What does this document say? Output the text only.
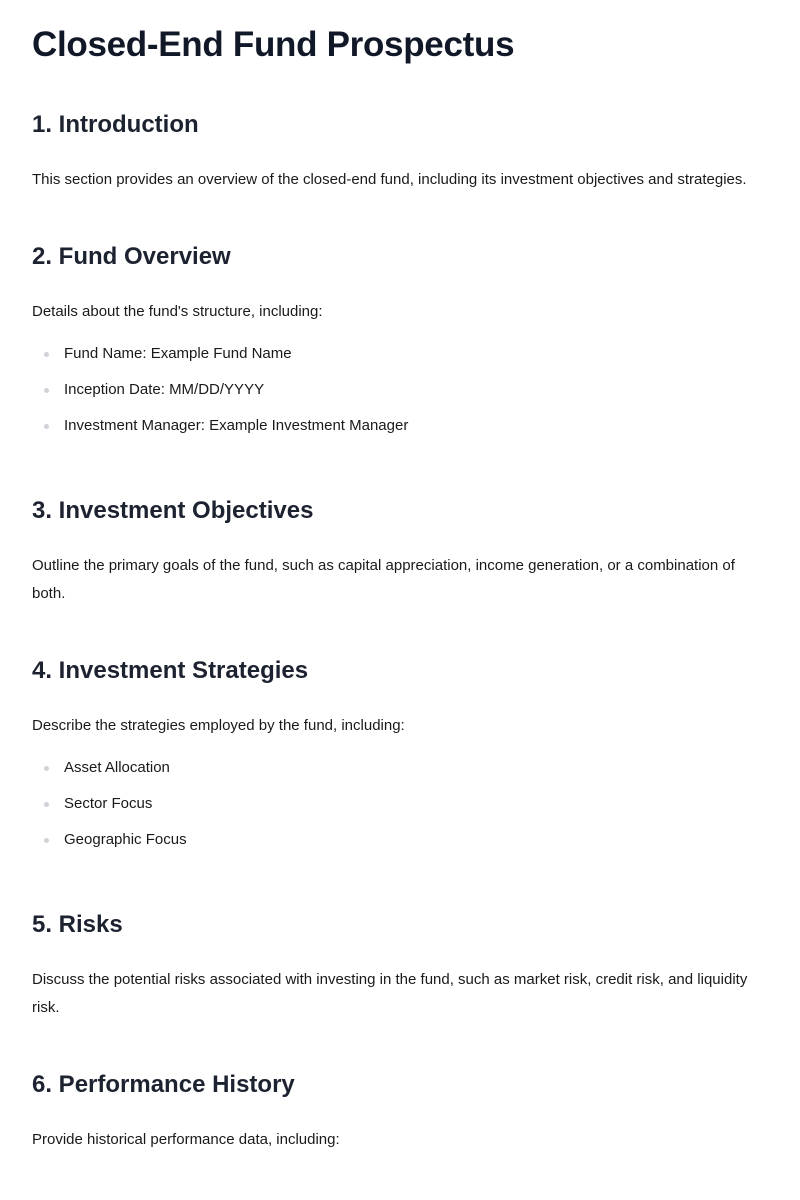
Closed-End Fund Prospectus
1. Introduction

This section provides an overview of the closed-end fund, including its investment objectives and strategies.

2. Fund Overview

Details about the fund's structure, including:

Fund Name: Example Fund Name
Inception Date: MM/DD/YYYY
Investment Manager: Example Investment Manager
3. Investment Objectives

Outline the primary goals of the fund, such as capital appreciation, income generation, or a combination of both.

4. Investment Strategies

Describe the strategies employed by the fund, including:

Asset Allocation
Sector Focus
Geographic Focus
5. Risks

Discuss the potential risks associated with investing in the fund, such as market risk, credit risk, and liquidity risk.

6. Performance History

Provide historical performance data, including:
